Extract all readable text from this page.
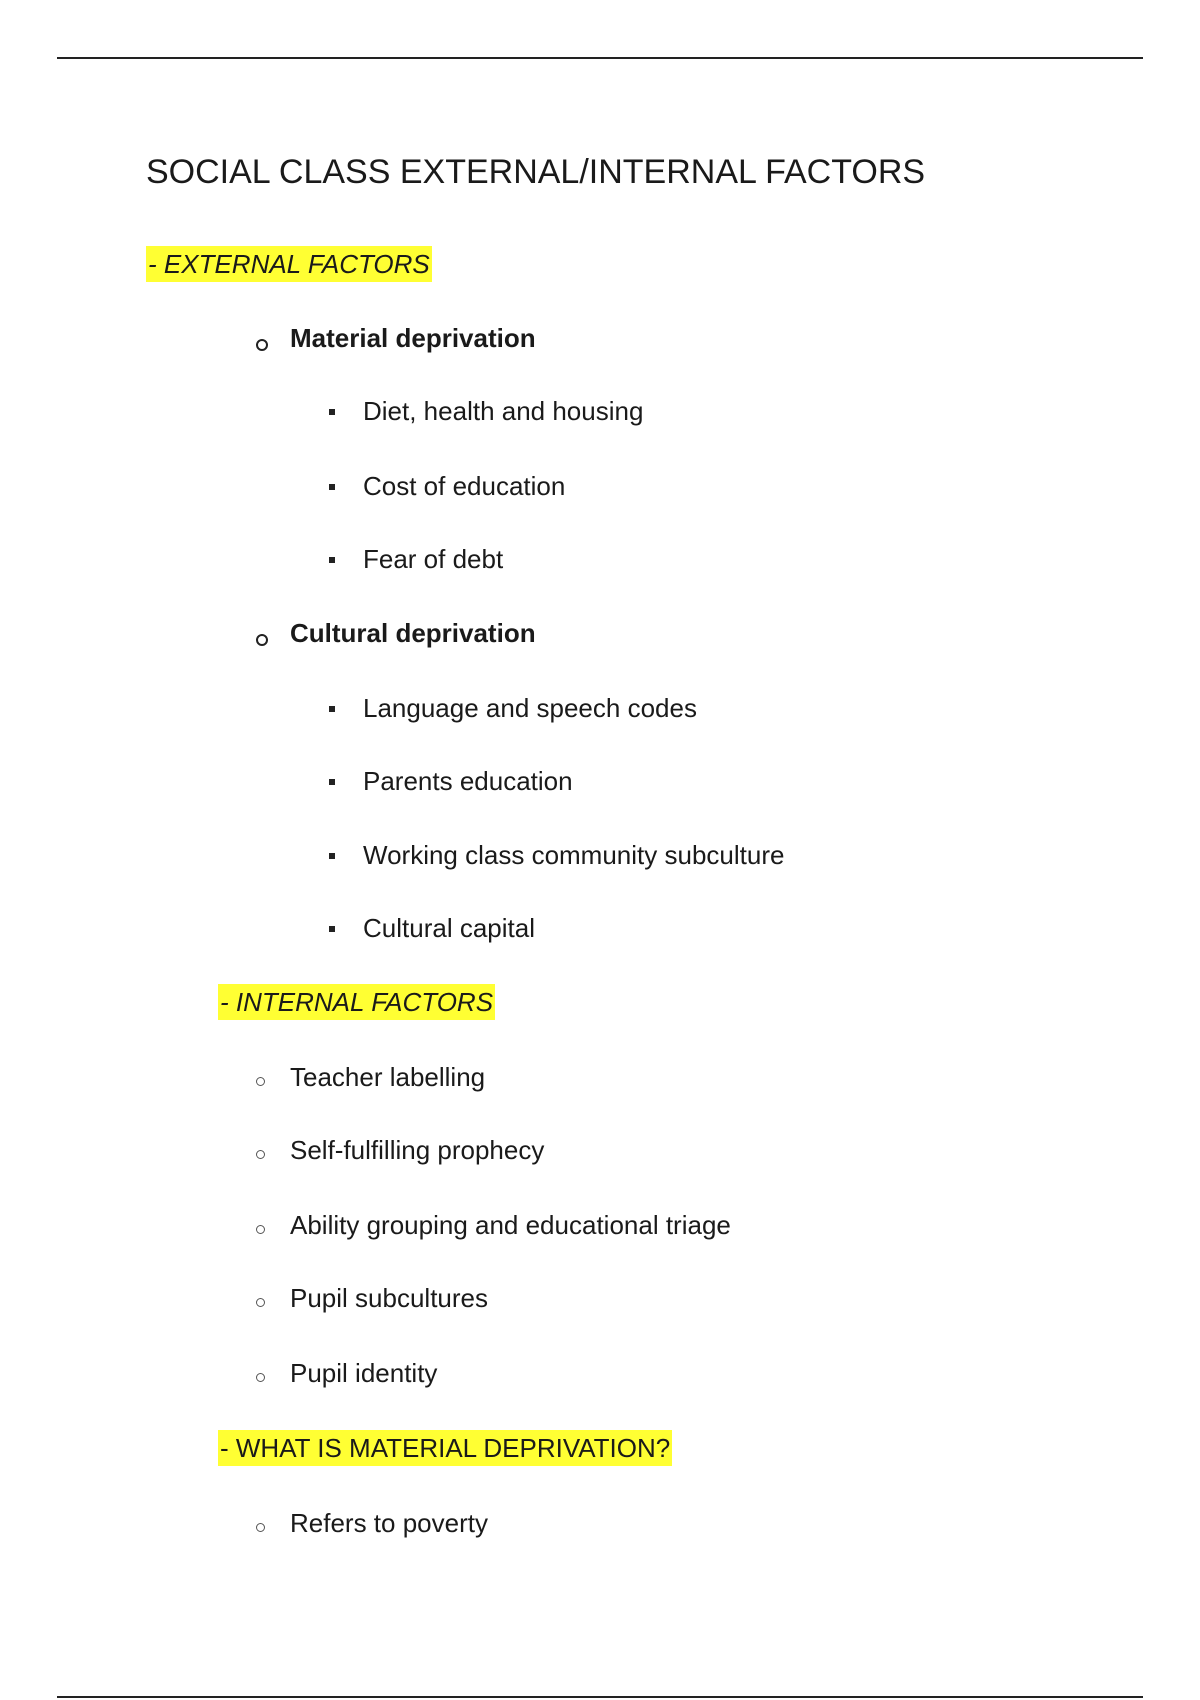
SOCIAL CLASS EXTERNAL/INTERNAL FACTORS
- EXTERNAL FACTORS
Material deprivation
Diet, health and housing
Cost of education
Fear of debt
Cultural deprivation
Language and speech codes
Parents education
Working class community subculture
Cultural capital
- INTERNAL FACTORS
Teacher labelling
Self-fulfilling prophecy
Ability grouping and educational triage
Pupil subcultures
Pupil identity
- WHAT IS MATERIAL DEPRIVATION?
Refers to poverty
